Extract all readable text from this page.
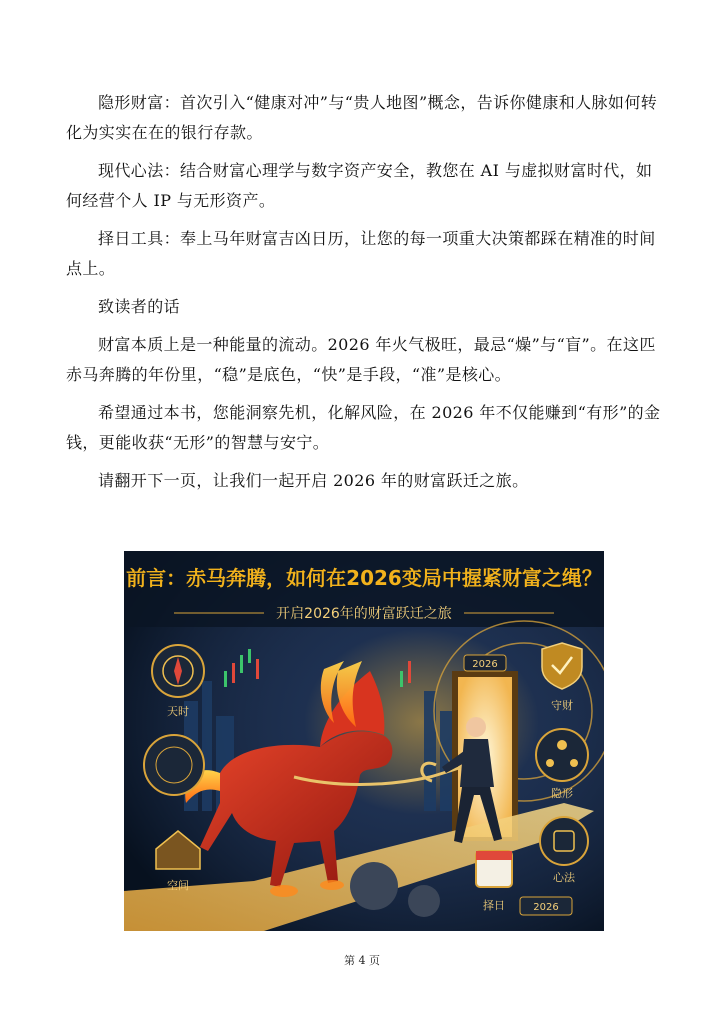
隐形财富：首次引入“健康对冲”与“贵人地图”概念，告诉你健康和人脉如何转化为实实在在的银行存款。

现代心法：结合财富心理学与数字资产安全，教您在 AI 与虚拟财富时代，如何经营个人 IP 与无形资产。

择日工具：奉上马年财富吉凶日历，让您的每一项重大决策都踩在精准的时间点上。

致读者的话

财富本质上是一种能量的流动。2026 年火气极旺，最忌“燥”与“盲”。在这匹赤马奔腾的年份里，“稳”是底色，“快”是手段，“准”是核心。

希望通过本书，您能洞察先机，化解风险，在 2026 年不仅能赚到“有形”的金钱，更能收获“无形”的智慧与安宁。

请翻开下一页，让我们一起开启 2026 年的财富跃迁之旅。

前言：赤马奔腾，如何在2026变局中握紧财富之绳？
开启2026年的财富跃迁之旅
2026
天时
空间
守财
隐形
心法
择日	2026
第 4 页
